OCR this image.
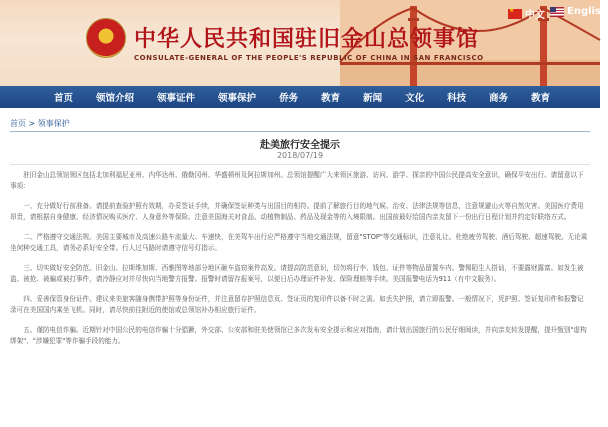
中华人民共和国驻旧金山总领事馆
CONSULATE-GENERAL OF THE PEOPLE'S REPUBLIC OF CHINA IN SAN FRANCISCO
★
中文 English
首页 领馆介绍 领事证件 领事保护 侨务 教育 新闻 文化 科技 商务 教育
首页 > 领事保护
赴美旅行安全提示
2018/07/19

驻旧金山总领馆领区包括北加利福尼亚州、内华达州、俄勒冈州、华盛顿州及阿拉斯加州。总领馆提醒广大来领区旅游、访问、游学、探亲的中国公民提高安全意识，确保平安出行。请留意以下事项：

一、充分做好行前准备。请提前查验护照有效期，办妥签证手续，并确保签证种类与出国目的相符。提前了解旅行目的地气候、治安、法律法规等信息，注意规避山火等自然灾害。美国医疗费用昂贵，请根据自身健康、经济情况购买医疗、人身意外等保险。注意美国海关对食品、动植物制品、药品及现金等的入境限制。出国前最好给国内亲友留下一份出行日程计划并约定好联络方式。

二、严格遵守交通法规。美国主要城市及高速公路车流量大、车速快，在美驾车出行应严格遵守当地交通法规，留意"STOP"等交通标识，注意礼让。杜绝疲劳驾驶、酒后驾驶、超速驾驶。无论乘坐何种交通工具，请务必系好安全带。行人过马路时请遵守信号灯指示。

三、切实做好安全防范。旧金山、拉斯维加斯、西雅图等地部分地区砸车盗窃案件高发。请提高防范意识，切勿将行李、钱包、证件等物品留置车内。警惕陌生人搭讪，不要露财露富。如发生被盗、被抢、被骗或被打事件，请冷静应对并尽快向当地警方报警。报警时请留存报案号，以便日后办理证件补发、保险理赔等手续。美国报警电话为911（有中文服务）。

四、妥善保管身份证件。建议来美旅客随身携带护照等身份证件，并注意留存护照信息页、签证页的复印件以备不时之需。如丢失护照，请立即报警。一般情况下，凭护照、签证复印件和报警记录可在美国国内乘坐飞机。同时，请尽快前往附近的使馆或总领馆补办相应旅行证件。

五、谨防电信诈骗。近期针对中国公民的电信诈骗十分猖獗，外交部、公安部和驻美使领馆已多次发布安全提示和应对指南，请计划出国旅行的公民仔细阅读，并向亲友转发提醒，提升甄别"虚构绑架"、"涉嫌犯罪"等诈骗手段的能力。
